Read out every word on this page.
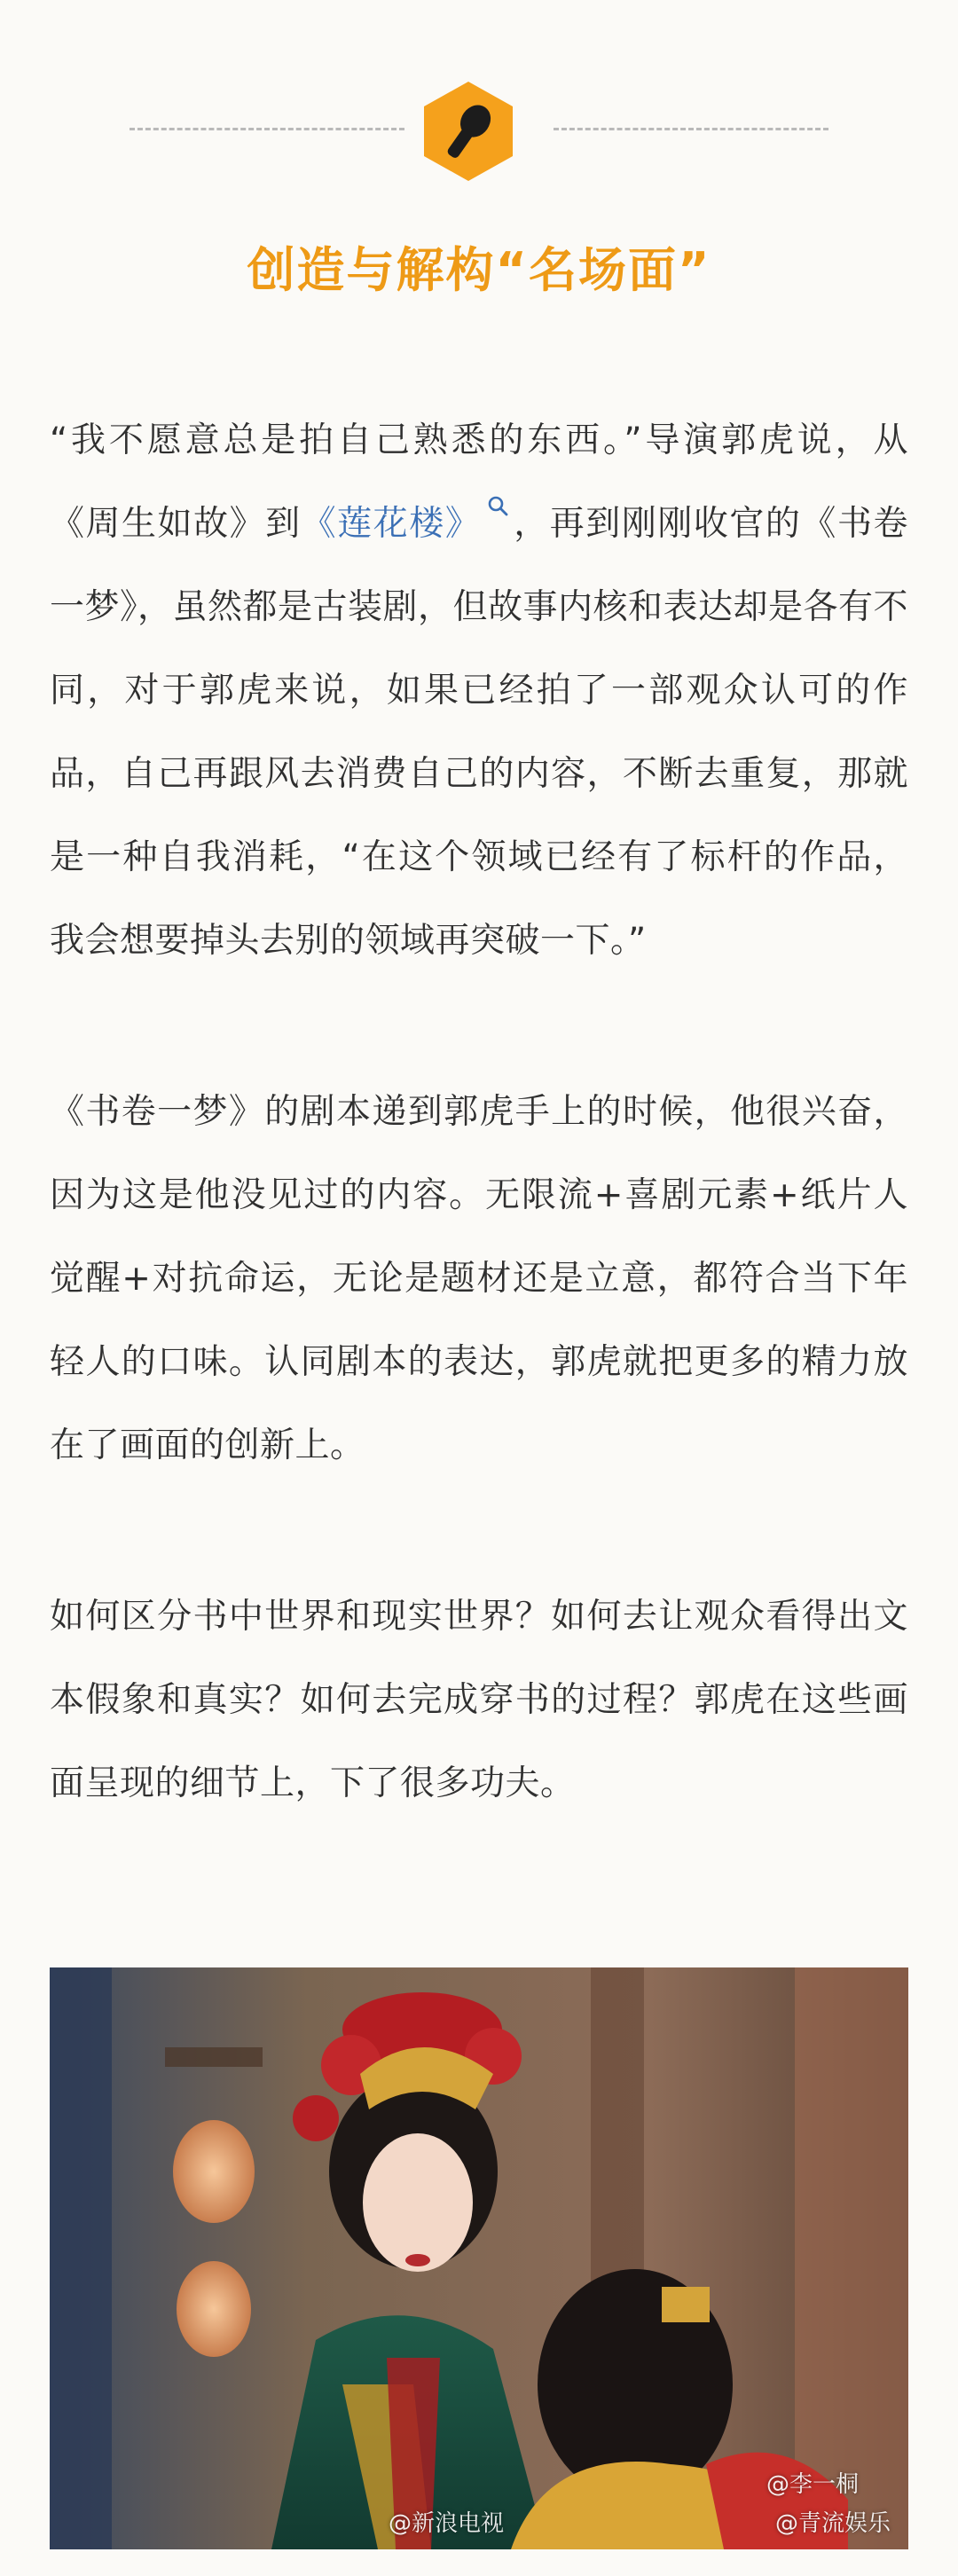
创造与解构“名场面”

“我不愿意总是拍自己熟悉的东西。”导演郭虎说，从《周生如故》到《莲花楼》 ，再到刚刚收官的《书卷一梦》，虽然都是古装剧，但故事内核和表达却是各有不同，对于郭虎来说，如果已经拍了一部观众认可的作品，自己再跟风去消费自己的内容，不断去重复，那就是一种自我消耗，“在这个领域已经有了标杆的作品，我会想要掉头去别的领域再突破一下。”

《书卷一梦》的剧本递到郭虎手上的时候，他很兴奋，因为这是他没见过的内容。无限流+喜剧元素+纸片人觉醒+对抗命运，无论是题材还是立意，都符合当下年轻人的口味。认同剧本的表达，郭虎就把更多的精力放在了画面的创新上。

如何区分书中世界和现实世界？如何去让观众看得出文本假象和真实？如何去完成穿书的过程？郭虎在这些画面呈现的细节上，下了很多功夫。

@李一桐
@新浪电视	@青流娱乐
